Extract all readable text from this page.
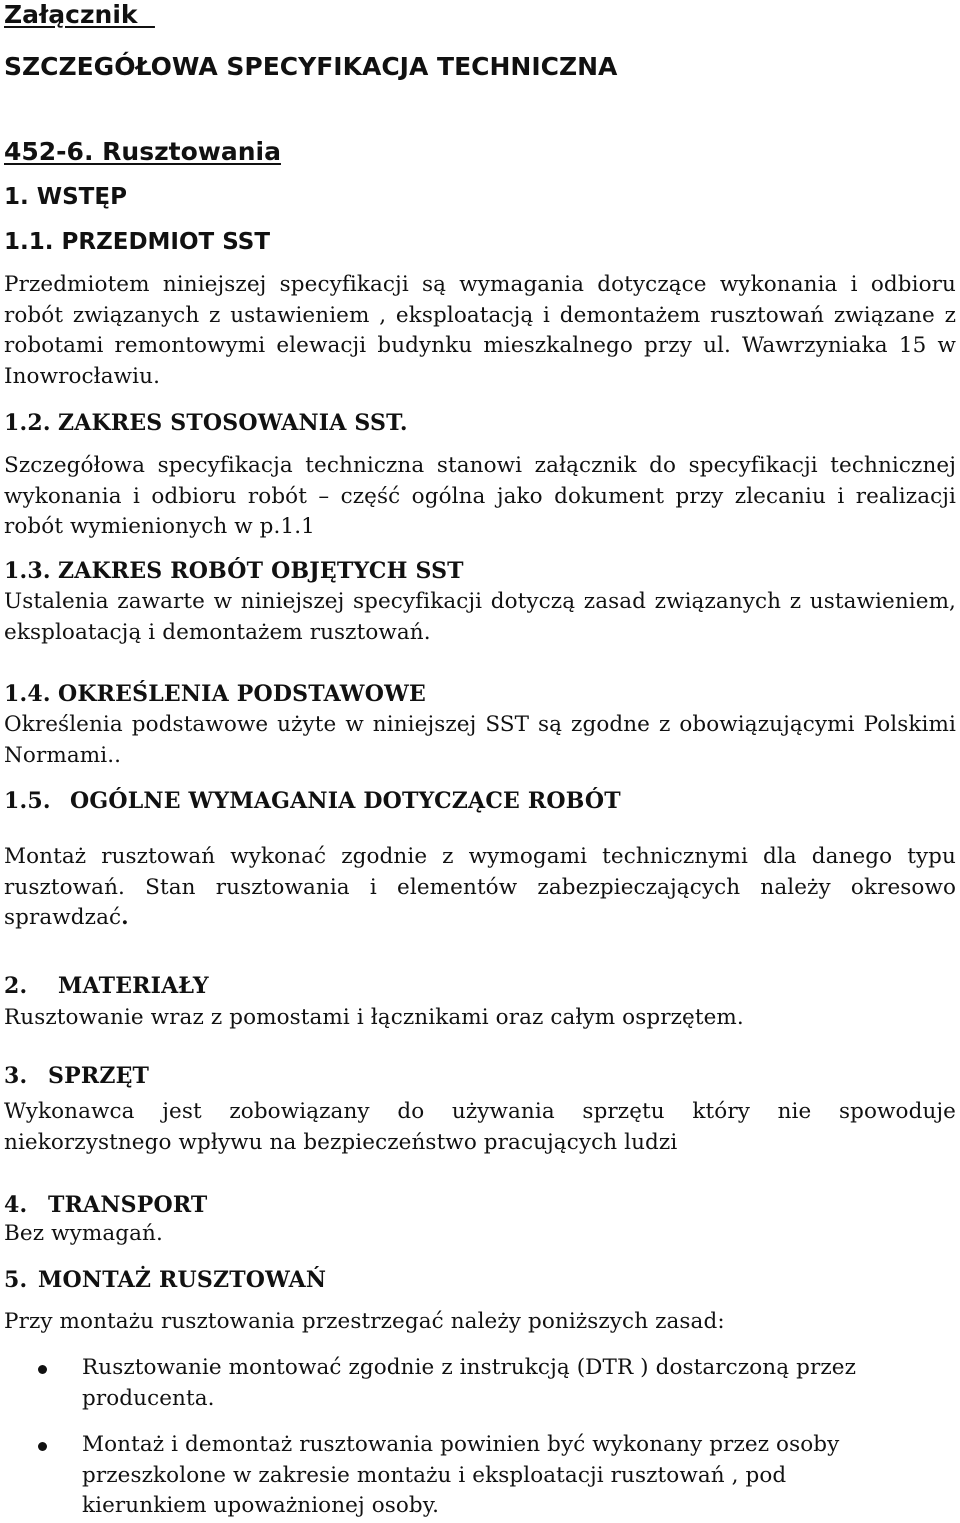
Załącznik
SZCZEGÓŁOWA SPECYFIKACJA TECHNICZNA
452-6. Rusztowania
1. WSTĘP
1.1. PRZEDMIOT SST

Przedmiotem niniejszej specyfikacji są wymagania dotyczące wykonania i odbioru robót związanych z ustawieniem , eksploatacją i demontażem rusztowań związane z robotami remontowymi elewacji budynku mieszkalnego przy ul. Wawrzyniaka 15 w Inowrocławiu.

1.2. ZAKRES STOSOWANIA SST.

Szczegółowa specyfikacja techniczna stanowi załącznik do specyfikacji technicznej wykonania i odbioru robót – część ogólna jako dokument przy zlecaniu i realizacji robót wymienionych w p.1.1

1.3. ZAKRES ROBÓT OBJĘTYCH SST

Ustalenia zawarte w niniejszej specyfikacji dotyczą zasad związanych z ustawieniem, eksploatacją i demontażem rusztowań.

1.4. OKREŚLENIA PODSTAWOWE

Określenia podstawowe użyte w niniejszej SST są zgodne z obowiązującymi Polskimi Normami..

1.5. OGÓLNE WYMAGANIA DOTYCZĄCE ROBÓT

Montaż rusztowań wykonać zgodnie z wymogami technicznymi dla danego typu rusztowań. Stan rusztowania i elementów zabezpieczających należy okresowo sprawdzać.

2. MATERIAŁY

Rusztowanie wraz z pomostami i łącznikami oraz całym osprzętem.

3. SPRZĘT

Wykonawca jest zobowiązany do używania sprzętu który nie spowoduje niekorzystnego wpływu na bezpieczeństwo pracujących ludzi

4. TRANSPORT

Bez wymagań.

5. MONTAŻ RUSZTOWAŃ

Przy montażu rusztowania przestrzegać należy poniższych zasad:

Rusztowanie montować zgodnie z instrukcją (DTR ) dostarczoną przez producenta.
Montaż i demontaż rusztowania powinien być wykonany przez osoby przeszkolone w zakresie montażu i eksploatacji rusztowań , pod kierunkiem upoważnionej osoby.
